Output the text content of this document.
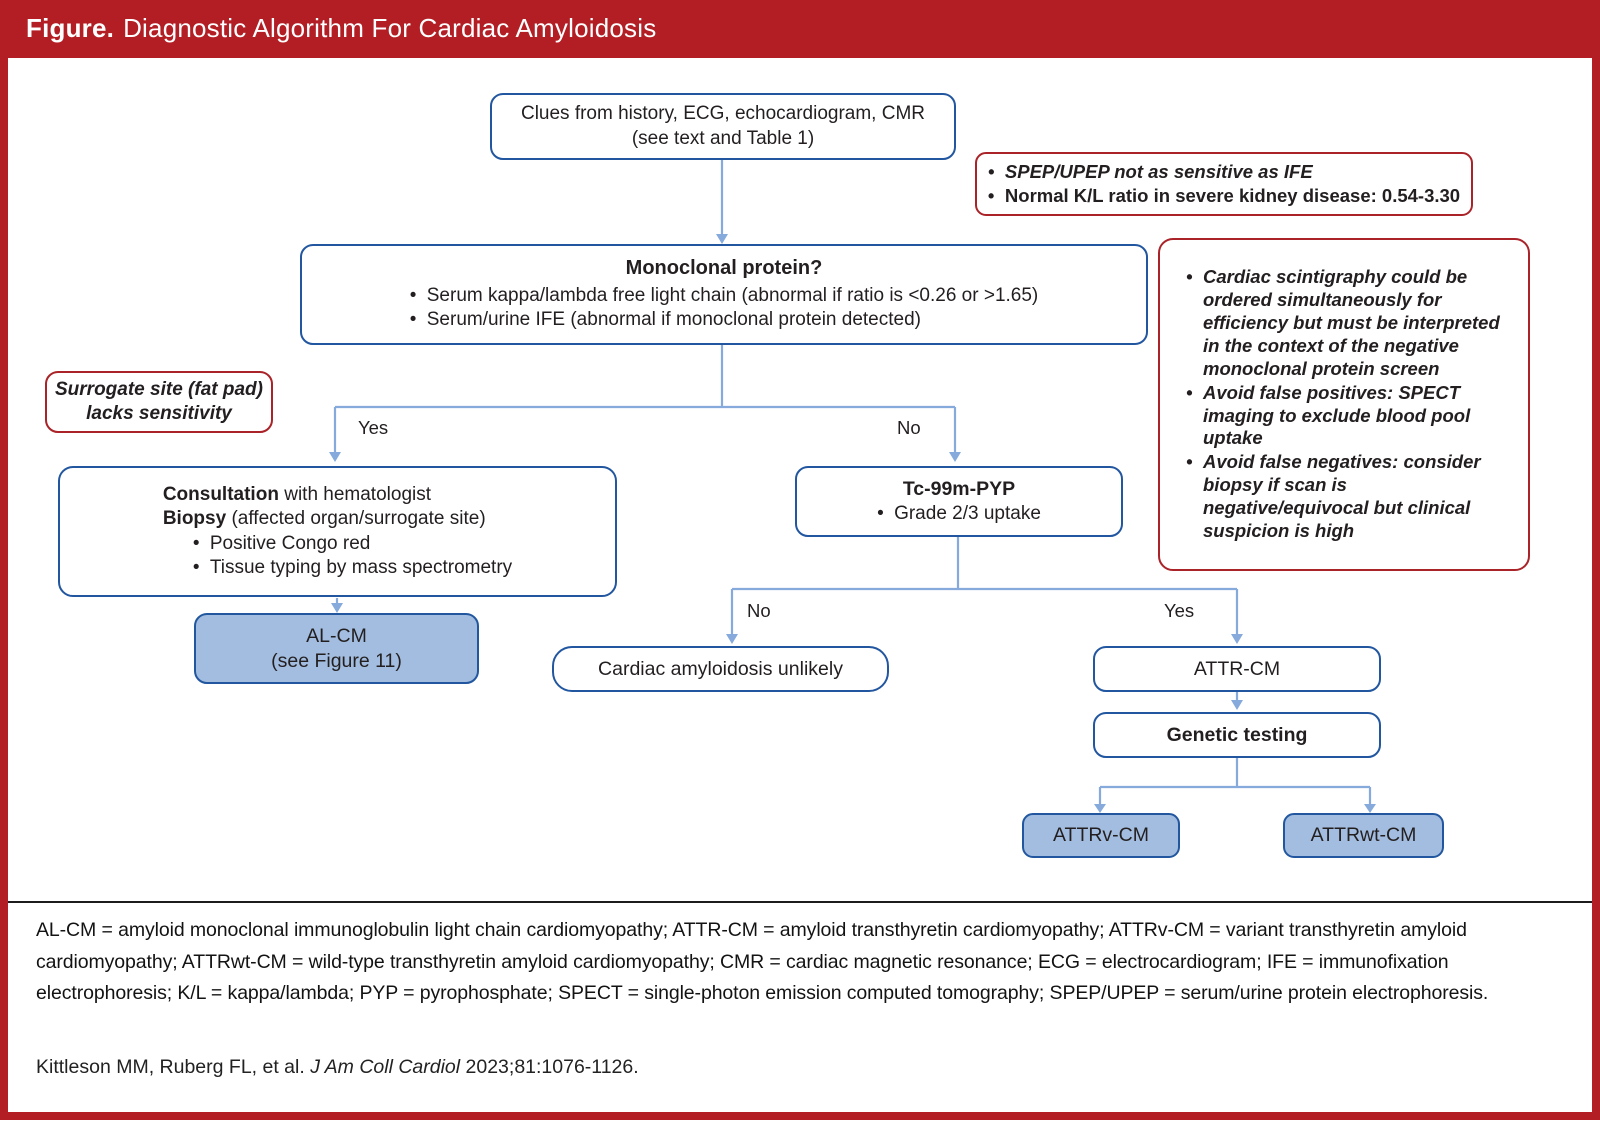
Figure. Diagnostic Algorithm For Cardiac Amyloidosis
Clues from history, ECG, echocardiogram, CMR
(see text and Table 1)
• SPEP/UPEP not as sensitive as IFE
• Normal K/L ratio in severe kidney disease: 0.54-3.30
Monoclonal protein?
• Serum kappa/lambda free light chain (abnormal if ratio is <0.26 or >1.65)
• Serum/urine IFE (abnormal if monoclonal protein detected)
Surrogate site (fat pad)
lacks sensitivity
• Cardiac scintigraphy could be ordered simultaneously for efficiency but must be interpreted in the context of the negative monoclonal protein screen
• Avoid false positives: SPECT imaging to exclude blood pool uptake
• Avoid false negatives: consider biopsy if scan is negative/equivocal but clinical suspicion is high
Yes	No
No	Yes
Consultation with hematologist
Biopsy (affected organ/surrogate site)
• Positive Congo red
• Tissue typing by mass spectrometry
AL-CM
(see Figure 11)
Tc-99m-PYP
• Grade 2/3 uptake
Cardiac amyloidosis unlikely	ATTR-CM
Genetic testing
ATTRv-CM	ATTRwt-CM
AL-CM = amyloid monoclonal immunoglobulin light chain cardiomyopathy; ATTR-CM = amyloid transthyretin cardiomyopathy; ATTRv-CM = variant transthyretin amyloid cardiomyopathy; ATTRwt-CM = wild-type transthyretin amyloid cardiomyopathy; CMR = cardiac magnetic resonance; ECG = electrocardiogram; IFE = immunofixation electrophoresis; K/L = kappa/lambda; PYP = pyrophosphate; SPECT = single-photon emission computed tomography; SPEP/UPEP = serum/urine protein electrophoresis.
Kittleson MM, Ruberg FL, et al. J Am Coll Cardiol 2023;81:1076-1126.
